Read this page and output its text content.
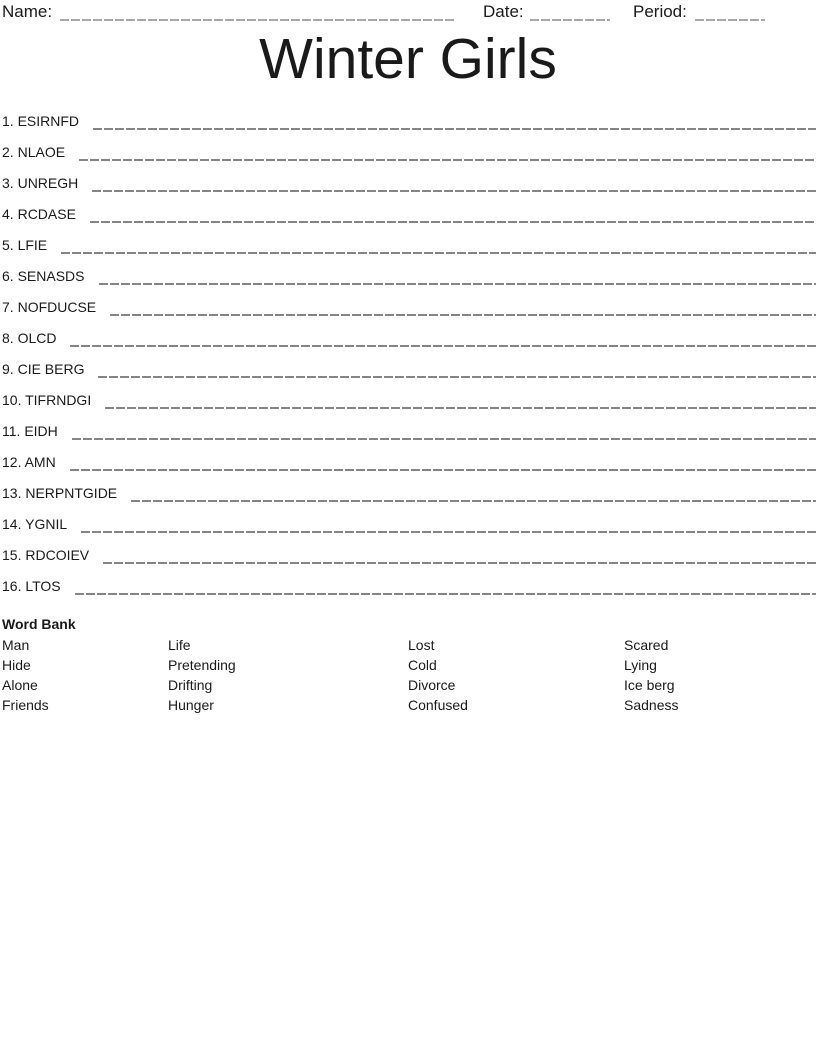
Name:	Date:	Period:
Winter Girls
1. ESIRNFD
2. NLAOE
3. UNREGH
4. RCDASE
5. LFIE
6. SENASDS
7. NOFDUCSE
8. OLCD
9. CIE BERG
10. TIFRNDGI
11. EIDH
12. AMN
13. NERPNTGIDE
14. YGNIL
15. RDCOIEV
16. LTOS
Word Bank
Man
Hide
Alone
Friends
Life
Pretending
Drifting
Hunger
Lost
Cold
Divorce
Confused
Scared
Lying
Ice berg
Sadness
